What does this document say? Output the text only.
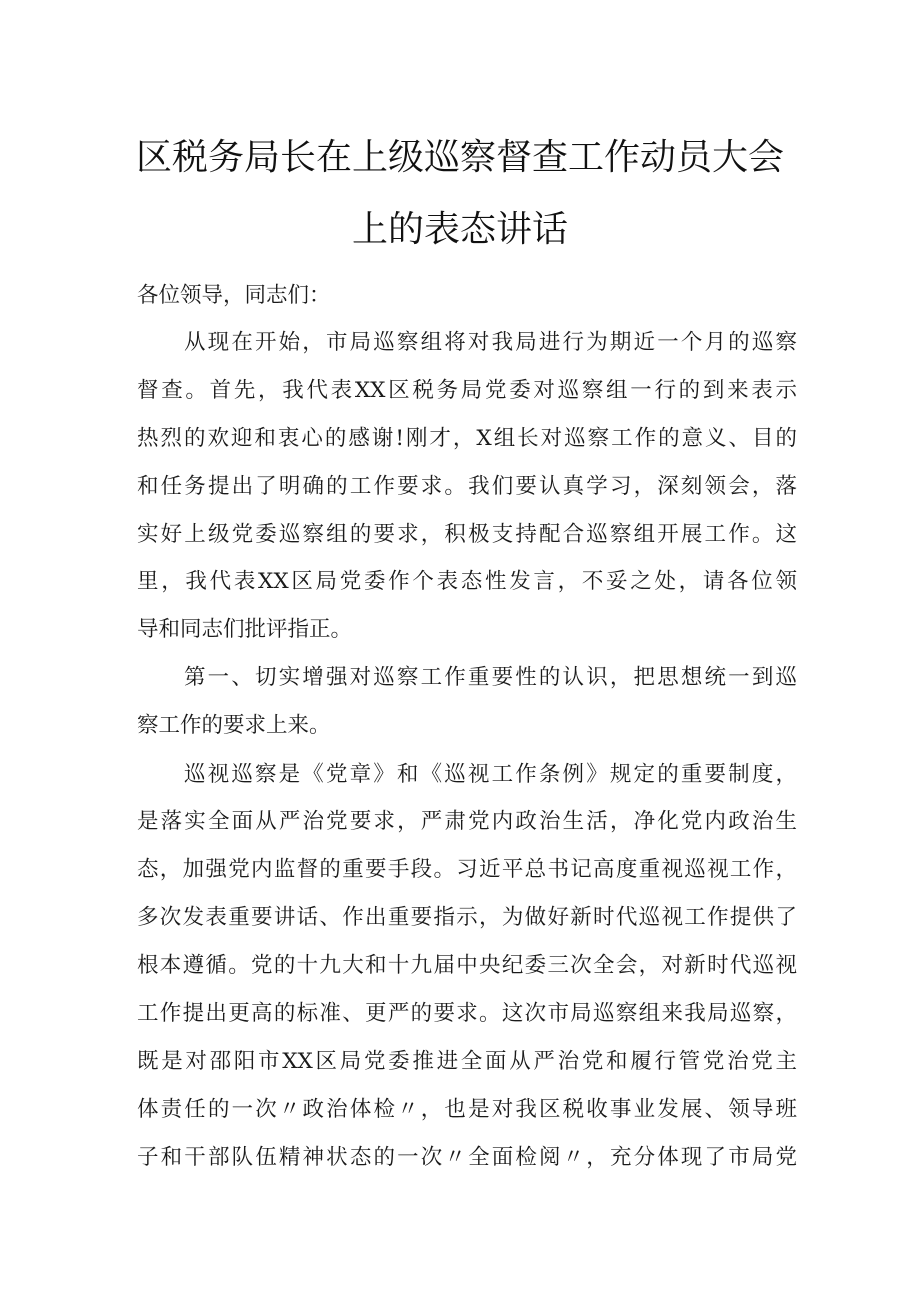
区税务局长在上级巡察督查工作动员大会
上的表态讲话
各位领导，同志们：
从现在开始，市局巡察组将对我局进行为期近一个月的巡察
督查。首先，我代表XX区税务局党委对巡察组一行的到来表示
热烈的欢迎和衷心的感谢!刚才，X组长对巡察工作的意义、目的
和任务提出了明确的工作要求。我们要认真学习，深刻领会，落
实好上级党委巡察组的要求，积极支持配合巡察组开展工作。这
里，我代表XX区局党委作个表态性发言，不妥之处，请各位领
导和同志们批评指正。
第一、切实增强对巡察工作重要性的认识，把思想统一到巡
察工作的要求上来。
巡视巡察是《党章》和《巡视工作条例》规定的重要制度，
是落实全面从严治党要求，严肃党内政治生活，净化党内政治生
态，加强党内监督的重要手段。习近平总书记高度重视巡视工作，
多次发表重要讲话、作出重要指示，为做好新时代巡视工作提供了
根本遵循。党的十九大和十九届中央纪委三次全会，对新时代巡视
工作提出更高的标准、更严的要求。这次市局巡察组来我局巡察，
既是对邵阳市XX区局党委推进全面从严治党和履行管党治党主
体责任的一次〃政治体检〃，也是对我区税收事业发展、领导班
子和干部队伍精神状态的一次〃全面检阅〃，充分体现了市局党
